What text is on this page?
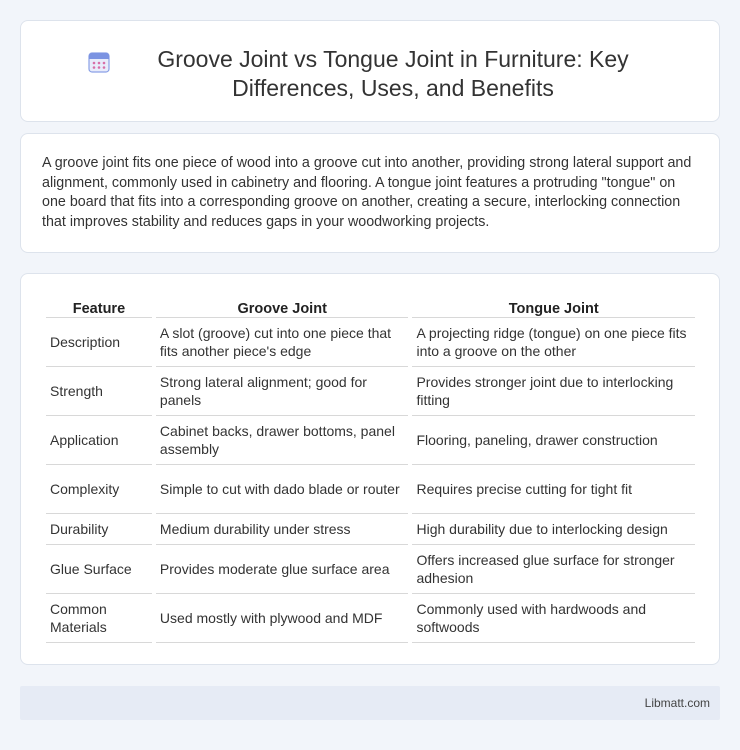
Groove Joint vs Tongue Joint in Furniture: Key Differences, Uses, and Benefits

A groove joint fits one piece of wood into a groove cut into another, providing strong lateral support and alignment, commonly used in cabinetry and flooring. A tongue joint features a protruding "tongue" on one board that fits into a corresponding groove on another, creating a secure, interlocking connection that improves stability and reduces gaps in your woodworking projects.

Feature	Groove Joint	Tongue Joint
Description	A slot (groove) cut into one piece that fits another piece's edge	A projecting ridge (tongue) on one piece fits into a groove on the other
Strength	Strong lateral alignment; good for panels	Provides stronger joint due to interlocking fitting
Application	Cabinet backs, drawer bottoms, panel assembly	Flooring, paneling, drawer construction
Complexity	Simple to cut with dado blade or router	Requires precise cutting for tight fit
Durability	Medium durability under stress	High durability due to interlocking design
Glue Surface	Provides moderate glue surface area	Offers increased glue surface for stronger adhesion
Common Materials	Used mostly with plywood and MDF	Commonly used with hardwoods and softwoods
Libmatt.com
